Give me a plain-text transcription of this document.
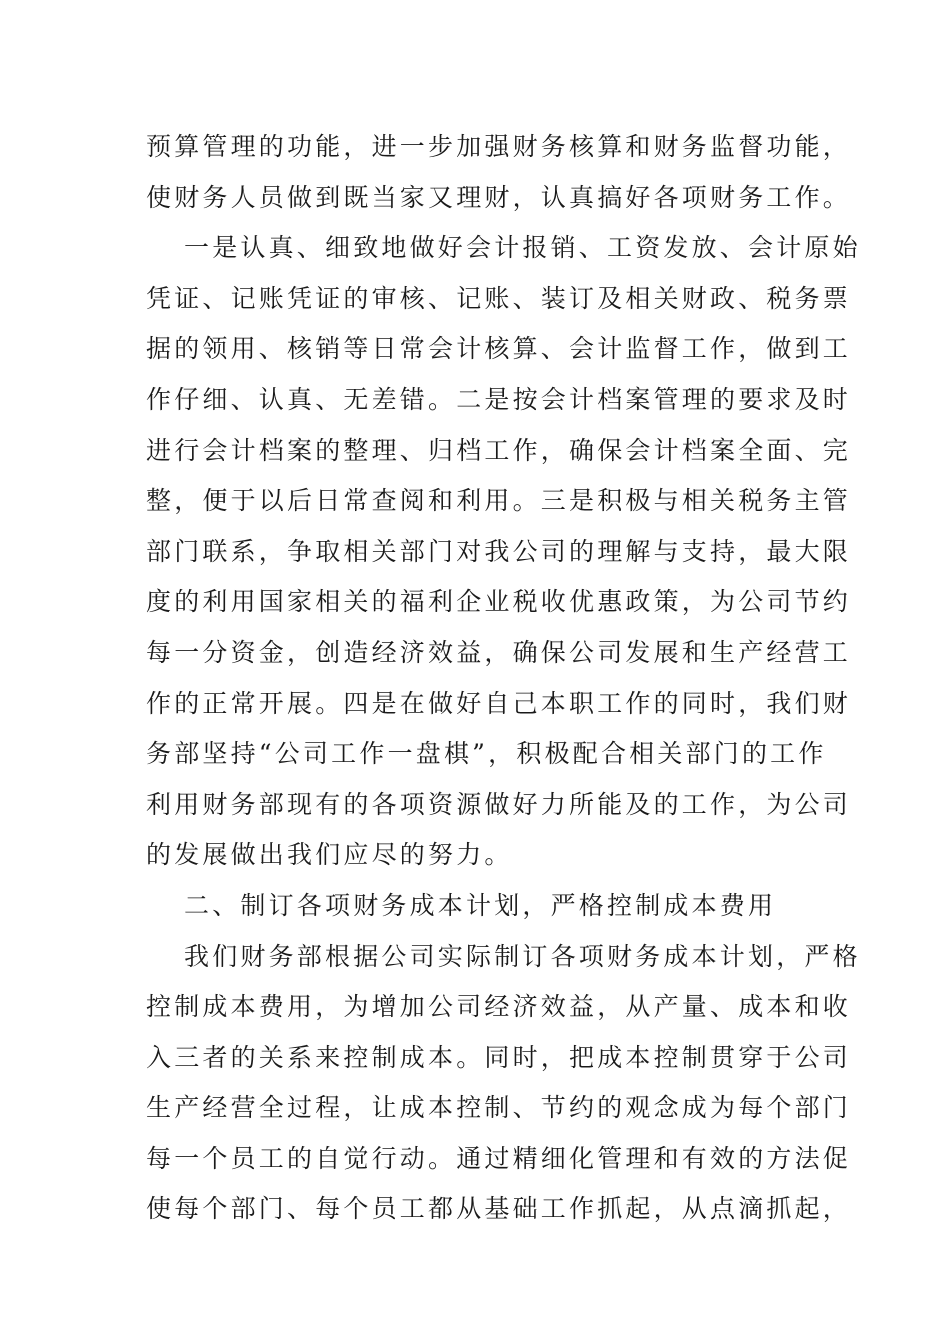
预算管理的功能，进一步加强财务核算和财务监督功能，
使财务人员做到既当家又理财，认真搞好各项财务工作。
一是认真、细致地做好会计报销、工资发放、会计原始
凭证、记账凭证的审核、记账、装订及相关财政、税务票
据的领用、核销等日常会计核算、会计监督工作，做到工
作仔细、认真、无差错。二是按会计档案管理的要求及时
进行会计档案的整理、归档工作，确保会计档案全面、完
整，便于以后日常查阅和利用。三是积极与相关税务主管
部门联系，争取相关部门对我公司的理解与支持，最大限
度的利用国家相关的福利企业税收优惠政策，为公司节约
每一分资金，创造经济效益，确保公司发展和生产经营工
作的正常开展。四是在做好自己本职工作的同时，我们财
务部坚持“公司工作一盘棋”，积极配合相关部门的工作
利用财务部现有的各项资源做好力所能及的工作，为公司
的发展做出我们应尽的努力。
二、制订各项财务成本计划，严格控制成本费用
我们财务部根据公司实际制订各项财务成本计划，严格
控制成本费用，为增加公司经济效益，从产量、成本和收
入三者的关系来控制成本。同时，把成本控制贯穿于公司
生产经营全过程，让成本控制、节约的观念成为每个部门
每一个员工的自觉行动。通过精细化管理和有效的方法促
使每个部门、每个员工都从基础工作抓起，从点滴抓起，
